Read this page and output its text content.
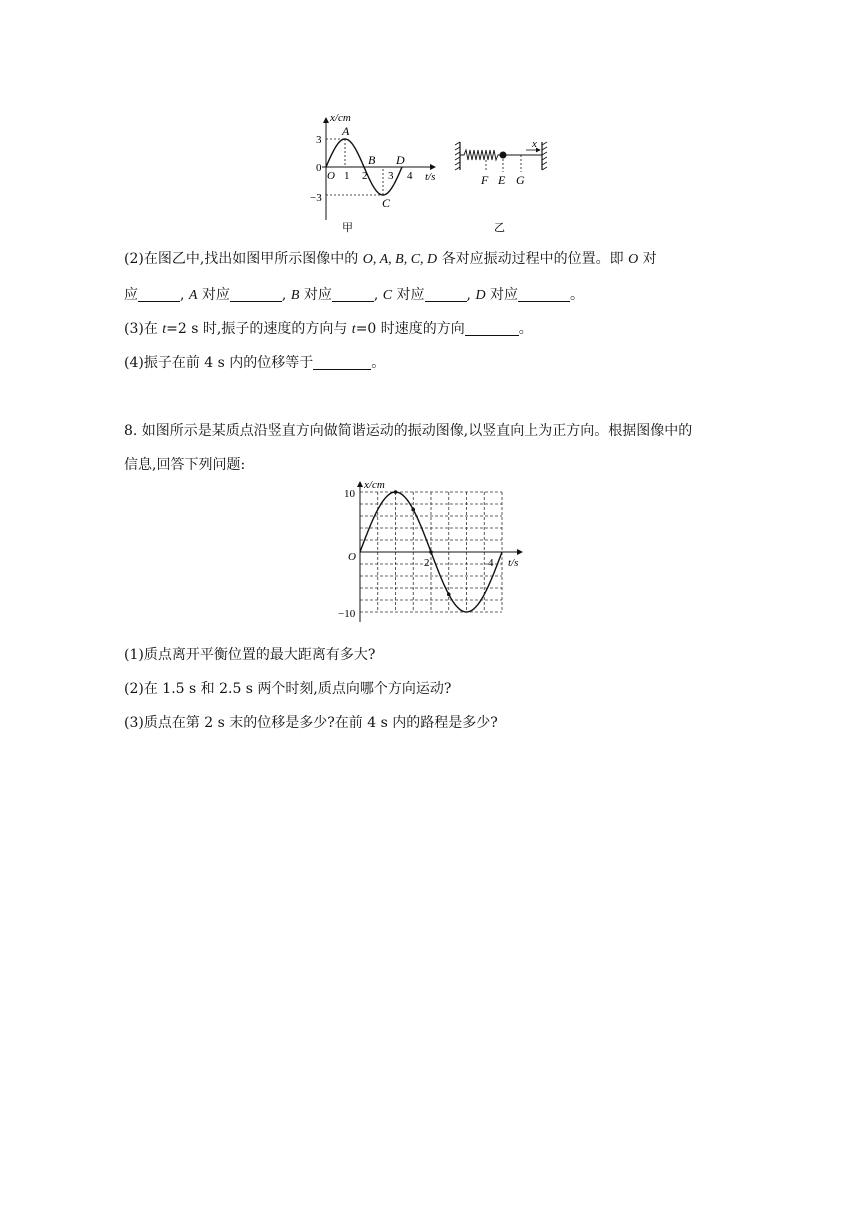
x/cm
t/s
3
0
−3
O 1 2 3 4
A
B
C
D
甲
x
F E G
乙
(2)在图乙中,找出如图甲所示图像中的 O, A, B, C, D 各对应振动过程中的位置。即 O 对
应	, A 对应	, B 对应	, C 对应	, D 对应	。
(3)在 t=2 s 时,振子的速度的方向与 t=0 时速度的方向	。
(4)振子在前 4 s 内的位移等于	。
8. 如图所示是某质点沿竖直方向做简谐运动的振动图像,以竖直向上为正方向。根据图像中的
信息,回答下列问题:
x/cm
t/s
10
−10
O	2	4
(1)质点离开平衡位置的最大距离有多大?
(2)在 1.5 s 和 2.5 s 两个时刻,质点向哪个方向运动?
(3)质点在第 2 s 末的位移是多少?在前 4 s 内的路程是多少?
